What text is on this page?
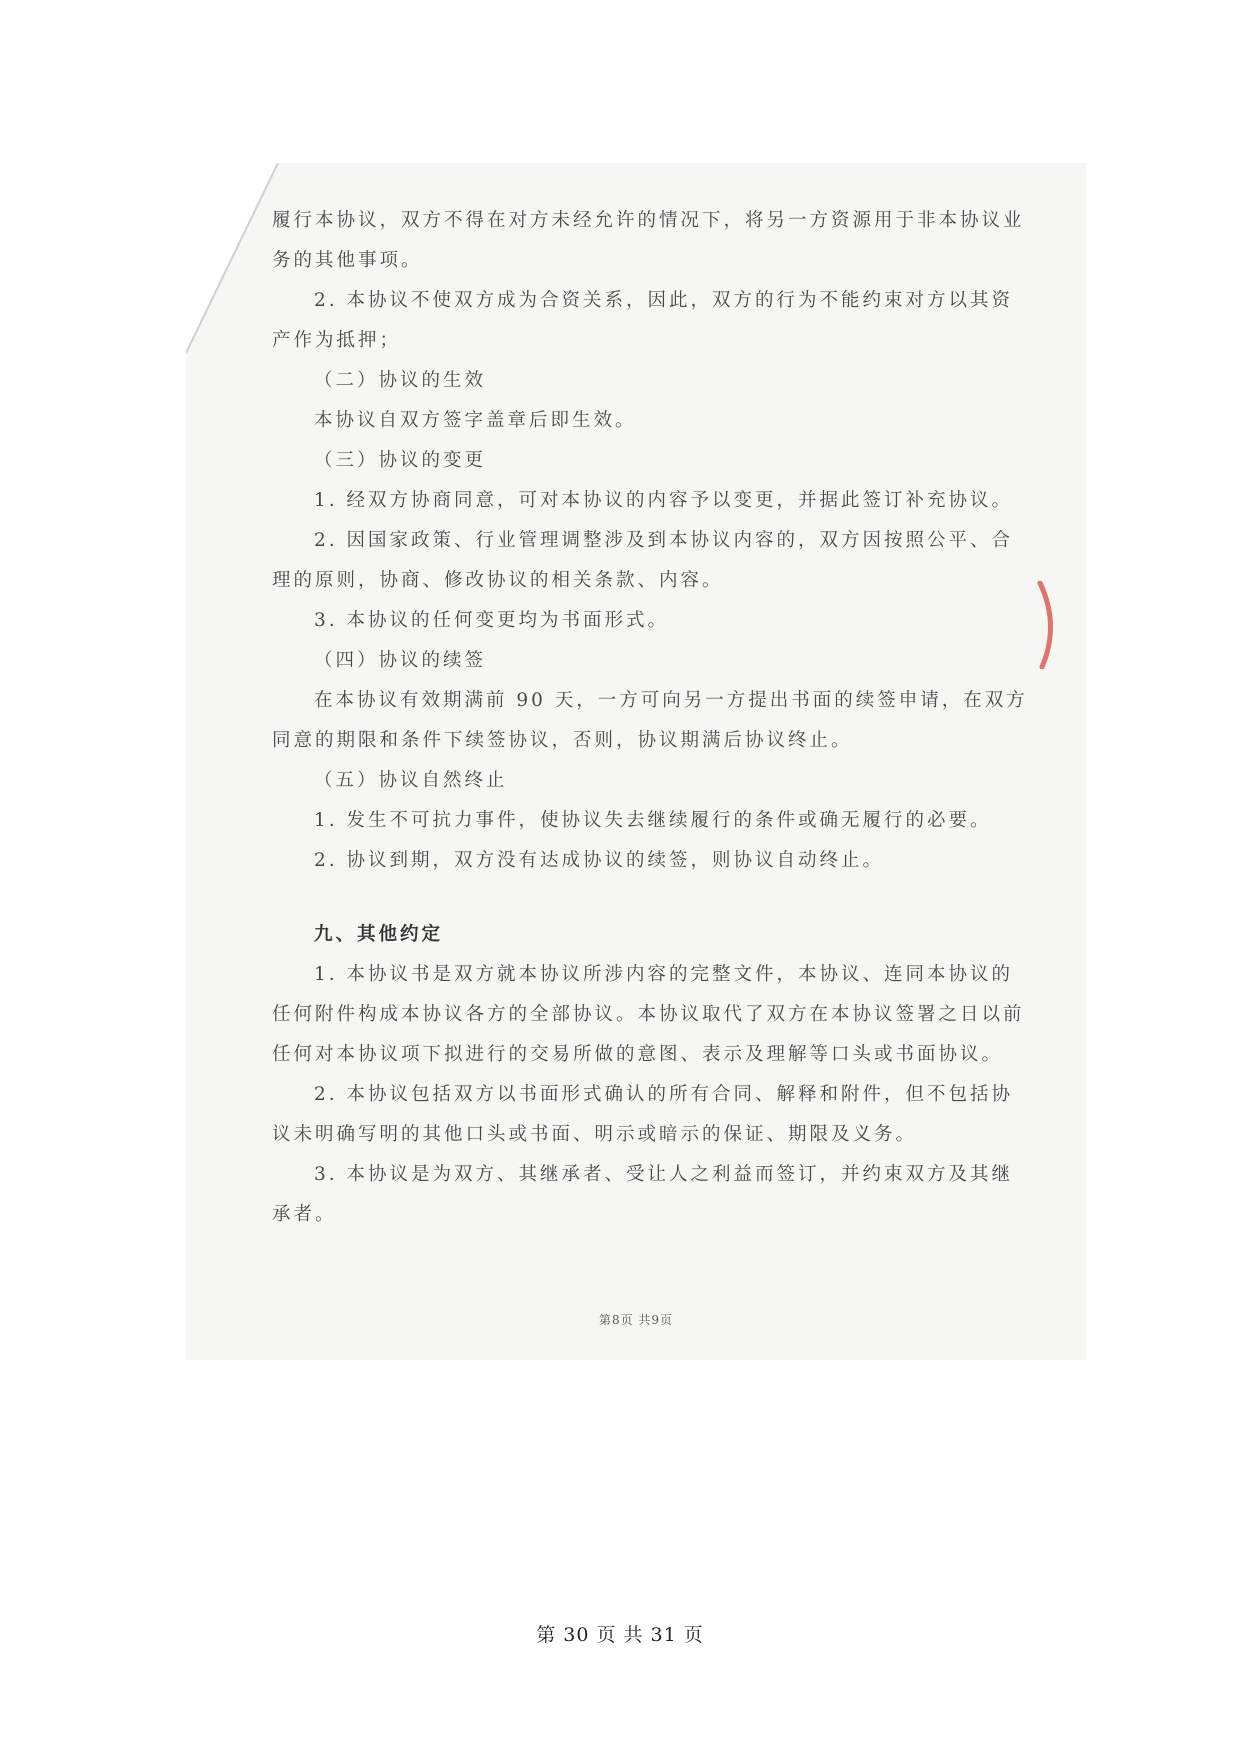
履行本协议，双方不得在对方未经允许的情况下，将另一方资源用于非本协议业务的其他事项。

2. 本协议不使双方成为合资关系，因此，双方的行为不能约束对方以其资产作为抵押；

（二）协议的生效

本协议自双方签字盖章后即生效。

（三）协议的变更

1. 经双方协商同意，可对本协议的内容予以变更，并据此签订补充协议。

2. 因国家政策、行业管理调整涉及到本协议内容的，双方因按照公平、合理的原则，协商、修改协议的相关条款、内容。

3. 本协议的任何变更均为书面形式。

（四）协议的续签

在本协议有效期满前 90 天，一方可向另一方提出书面的续签申请，在双方同意的期限和条件下续签协议，否则，协议期满后协议终止。

（五）协议自然终止

1. 发生不可抗力事件，使协议失去继续履行的条件或确无履行的必要。

2. 协议到期，双方没有达成协议的续签，则协议自动终止。

九、其他约定

1. 本协议书是双方就本协议所涉内容的完整文件，本协议、连同本协议的任何附件构成本协议各方的全部协议。本协议取代了双方在本协议签署之日以前任何对本协议项下拟进行的交易所做的意图、表示及理解等口头或书面协议。

2. 本协议包括双方以书面形式确认的所有合同、解释和附件，但不包括协议未明确写明的其他口头或书面、明示或暗示的保证、期限及义务。

3. 本协议是为双方、其继承者、受让人之利益而签订，并约束双方及其继承者。

第8页 共9页
第 30 页 共 31 页
